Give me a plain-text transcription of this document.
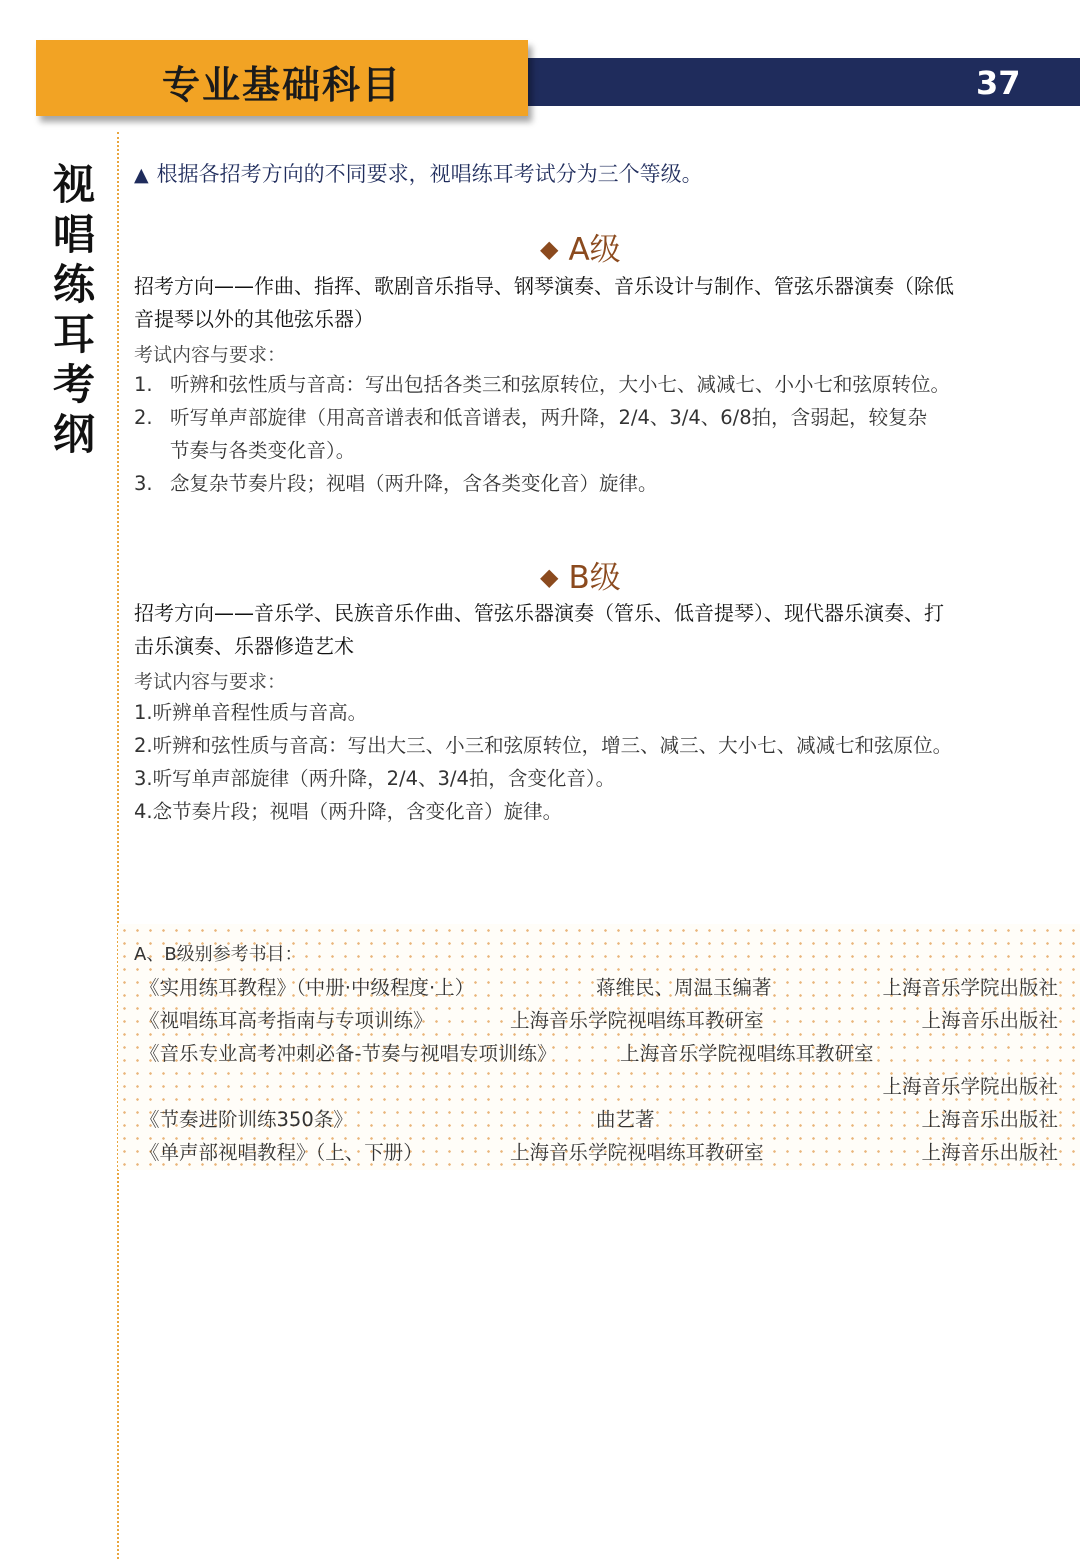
专业基础科目	37
视
唱
练
耳
考
纲
▲ 根据各招考方向的不同要求，视唱练耳考试分为三个等级。
◆ A级
招考方向——作曲、指挥、歌剧音乐指导、钢琴演奏、音乐设计与制作、管弦乐器演奏（除低
音提琴以外的其他弦乐器）
考试内容与要求：
1. 听辨和弦性质与音高：写出包括各类三和弦原转位，大小七、减减七、小小七和弦原转位。
2. 听写单声部旋律（用高音谱表和低音谱表，两升降，2/4、3/4、6/8拍，含弱起，较复杂
节奏与各类变化音）。
3. 念复杂节奏片段；视唱（两升降，含各类变化音）旋律。
◆ B级
招考方向——音乐学、民族音乐作曲、管弦乐器演奏（管乐、低音提琴）、现代器乐演奏、打
击乐演奏、乐器修造艺术
考试内容与要求：
1.听辨单音程性质与音高。
2.听辨和弦性质与音高：写出大三、小三和弦原转位，增三、减三、大小七、减减七和弦原位。
3.听写单声部旋律（两升降，2/4、3/4拍，含变化音）。
4.念节奏片段；视唱（两升降，含变化音）旋律。
A、B级别参考书目：
《实用练耳教程》（中册·中级程度·上）	蒋维民、周温玉编著	上海音乐学院出版社
《视唱练耳高考指南与专项训练》	上海音乐学院视唱练耳教研室	上海音乐出版社
《音乐专业高考冲刺必备-节奏与视唱专项训练》	上海音乐学院视唱练耳教研室
上海音乐学院出版社
《节奏进阶训练350条》	曲艺著	上海音乐出版社
《单声部视唱教程》（上、下册）	上海音乐学院视唱练耳教研室	上海音乐出版社
